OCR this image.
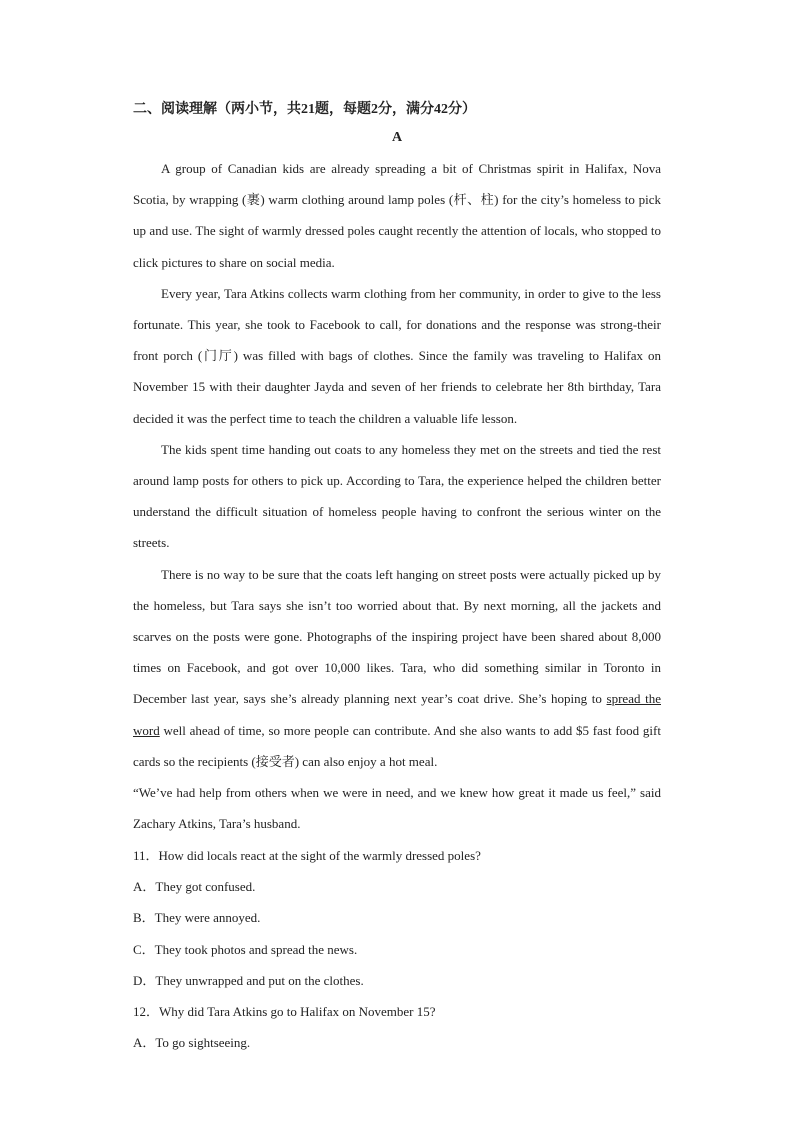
二、阅读理解（两小节，共21题，每题2分，满分42分）
A

A group of Canadian kids are already spreading a bit of Christmas spirit in Halifax, Nova Scotia, by wrapping (裹) warm clothing around lamp poles (杆、柱) for the city’s homeless to pick up and use. The sight of warmly dressed poles caught recently the attention of locals, who stopped to click pictures to share on social media.

Every year, Tara Atkins collects warm clothing from her community, in order to give to the less fortunate. This year, she took to Facebook to call, for donations and the response was strong-their front porch (门厅) was filled with bags of clothes. Since the family was traveling to Halifax on November 15 with their daughter Jayda and seven of her friends to celebrate her 8th birthday, Tara decided it was the perfect time to teach the children a valuable life lesson.

The kids spent time handing out coats to any homeless they met on the streets and tied the rest around lamp posts for others to pick up. According to Tara, the experience helped the children better understand the difficult situation of homeless people having to confront the serious winter on the streets.

There is no way to be sure that the coats left hanging on street posts were actually picked up by the homeless, but Tara says she isn’t too worried about that. By next morning, all the jackets and scarves on the posts were gone. Photographs of the inspiring project have been shared about 8,000 times on Facebook, and got over 10,000 likes. Tara, who did something similar in Toronto in December last year, says she’s already planning next year’s coat drive. She’s hoping to spread the word well ahead of time, so more people can contribute. And she also wants to add $5 fast food gift cards so the recipients (接受者) can also enjoy a hot meal.

“We’ve had help from others when we were in need, and we knew how great it made us feel,” said Zachary Atkins, Tara’s husband.

11．How did locals react at the sight of the warmly dressed poles?
A．They got confused.
B．They were annoyed.
C．They took photos and spread the news.
D．They unwrapped and put on the clothes.
12．Why did Tara Atkins go to Halifax on November 15?
A．To go sightseeing.
